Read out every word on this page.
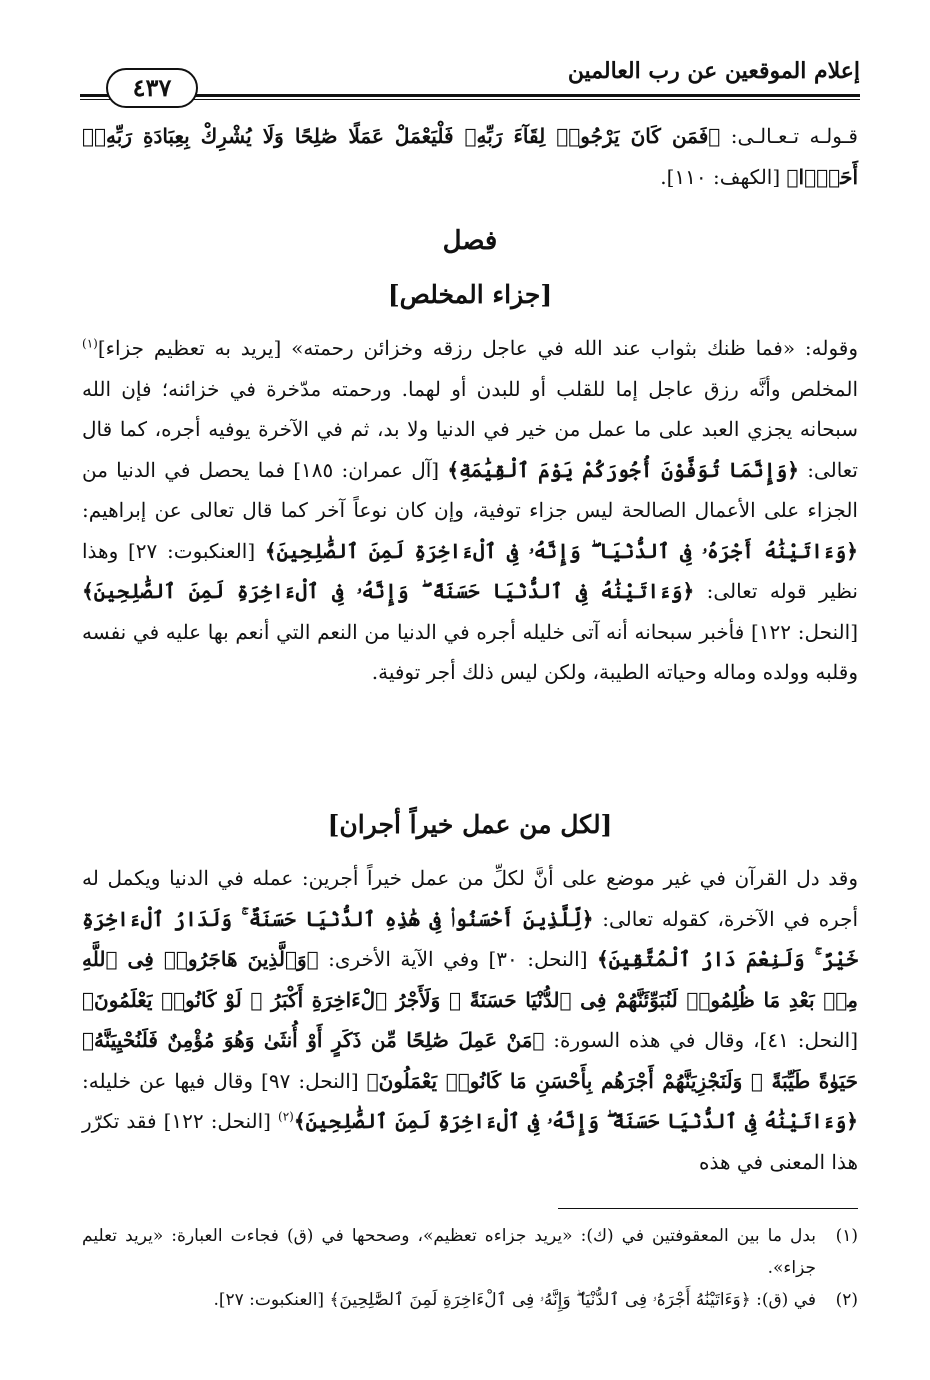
إعلام الموقعين عن رب العالمين
٤٣٧
قـولـه تـعـالـى: ﴿فَمَن كَانَ يَرْجُوا۟ لِقَآءَ رَبِّهِۦ فَلْيَعْمَلْ عَمَلًا صَٰلِحًا وَلَا يُشْرِكْ بِعِبَادَةِ رَبِّهِۦٓ أَحَدًۢا﴾ [الكهف: ١١٠].
فصل
[جزاء المخلص]
وقوله: «فما ظنك بثواب عند الله في عاجل رزقه وخزائن رحمته» [يريد به تعظيم جزاء]$^{(١)}$ المخلص وأنَّه رزق عاجل إما للقلب أو للبدن أو لهما. ورحمته مدّخرة في خزائنه؛ فإن الله سبحانه يجزي العبد على ما عمل من خير في الدنيا ولا بد، ثم في الآخرة يوفيه أجره، كما قال تعالى: ﴿وَإِنَّمَا تُوَفَّوْنَ أُجُورَكُمْ يَوْمَ ٱلْقِيَٰمَةِ﴾ [آل عمران: ١٨٥] فما يحصل في الدنيا من الجزاء على الأعمال الصالحة ليس جزاء توفية، وإن كان نوعاً آخر كما قال تعالى عن إبراهيم: ﴿وَءَاتَيْنَٰهُ أَجْرَهُۥ فِى ٱلدُّنْيَا ۖ وَإِنَّهُۥ فِى ٱلْءَاخِرَةِ لَمِنَ ٱلصَّٰلِحِينَ﴾ [العنكبوت: ٢٧] وهذا نظير قوله تعالى: ﴿وَءَاتَيْنَٰهُ فِى ٱلدُّنْيَا حَسَنَةً ۖ وَإِنَّهُۥ فِى ٱلْءَاخِرَةِ لَمِنَ ٱلصَّٰلِحِينَ﴾ [النحل: ١٢٢] فأخبر سبحانه أنه آتى خليله أجره في الدنيا من النعم التي أنعم بها عليه في نفسه وقلبه وولده وماله وحياته الطيبة، ولكن ليس ذلك أجر توفية.
[لكل من عمل خيراً أجران]
وقد دل القرآن في غير موضع على أنَّ لكلِّ من عمل خيراً أجرين: عمله في الدنيا ويكمل له أجره في الآخرة، كقوله تعالى: ﴿لِّلَّذِينَ أَحْسَنُوا۟ فِى هَٰذِهِ ٱلدُّنْيَا حَسَنَةٌ ۚ وَلَدَارُ ٱلْءَاخِرَةِ خَيْرٌ ۚ وَلَنِعْمَ دَارُ ٱلْمُتَّقِينَ﴾ [النحل: ٣٠] وفي الآية الأخرى: ﴿وَٱلَّذِينَ هَاجَرُوا۟ فِى ٱللَّهِ مِنۢ بَعْدِ مَا ظُلِمُوا۟ لَنُبَوِّئَنَّهُمْ فِى ٱلدُّنْيَا حَسَنَةً ۖ وَلَأَجْرُ ٱلْءَاخِرَةِ أَكْبَرُ ۚ لَوْ كَانُوا۟ يَعْلَمُونَ﴾ [النحل: ٤١]، وقال في هذه السورة: ﴿مَنْ عَمِلَ صَٰلِحًا مِّن ذَكَرٍ أَوْ أُنثَىٰ وَهُوَ مُؤْمِنٌ فَلَنُحْيِيَنَّهُۥ حَيَوٰةً طَيِّبَةً ۖ وَلَنَجْزِيَنَّهُمْ أَجْرَهُم بِأَحْسَنِ مَا كَانُوا۟ يَعْمَلُونَ﴾ [النحل: ٩٧] وقال فيها عن خليله: ﴿وَءَاتَيْنَٰهُ فِى ٱلدُّنْيَا حَسَنَةً ۖ وَإِنَّهُۥ فِى ٱلْءَاخِرَةِ لَمِنَ ٱلصَّٰلِحِينَ﴾$^{(٢)}$ [النحل: ١٢٢] فقد تكرّر هذا المعنى في هذه
(١)
بدل ما بين المعقوفتين في (ك): «يريد جزاءه تعظيم»، وصححها في (ق) فجاءت العبارة: «يريد تعليم جزاء».
(٢)
في (ق): ﴿وَءَاتَيْنَٰهُ أَجْرَهُۥ فِى ٱلدُّنْيَا ۖ وَإِنَّهُۥ فِى ٱلْءَاخِرَةِ لَمِنَ ٱلصَّٰلِحِينَ﴾ [العنكبوت: ٢٧].
